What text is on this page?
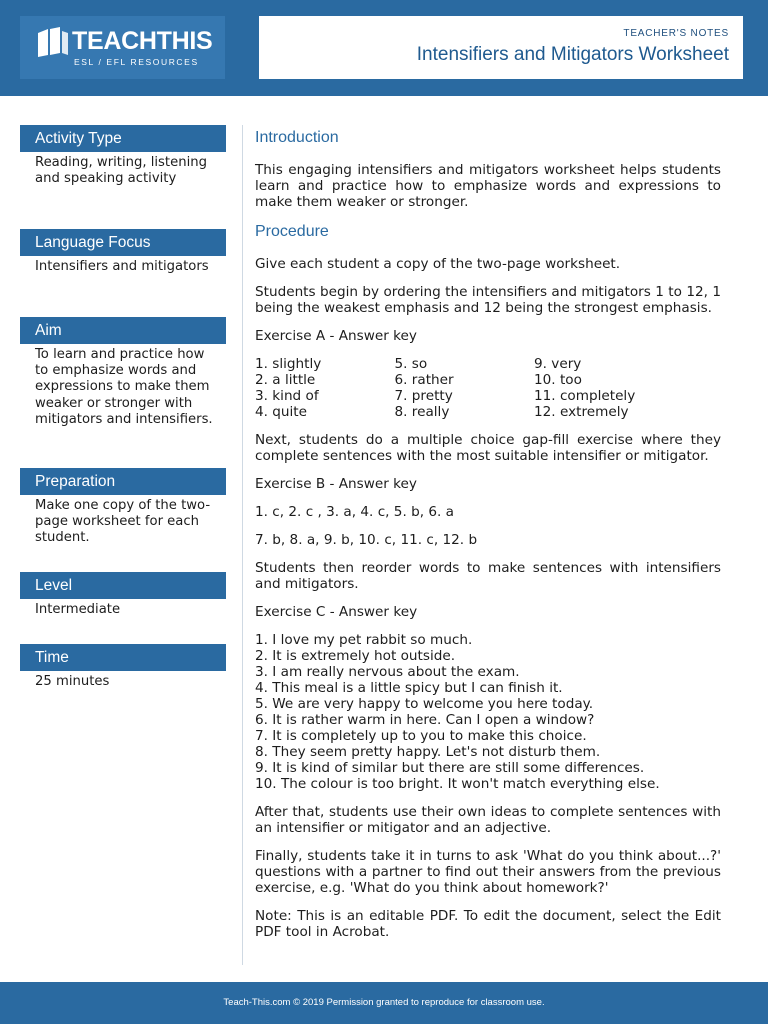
TEACHTHIS
ESL / EFL RESOURCES
TEACHER'S NOTES
Intensifiers and Mitigators Worksheet
Activity Type
Reading, writing, listening and speaking activity
Language Focus
Intensifiers and mitigators
Aim
To learn and practice how to emphasize words and expressions to make them weaker or stronger with mitigators and intensifiers.
Preparation
Make one copy of the two-page worksheet for each student.
Level
Intermediate
Time
25 minutes
Introduction

This engaging intensifiers and mitigators worksheet helps students learn and practice how to emphasize words and expressions to make them weaker or stronger.

Procedure

Give each student a copy of the two-page worksheet.

Students begin by ordering the intensifiers and mitigators 1 to 12, 1 being the weakest emphasis and 12 being the strongest emphasis.

Exercise A - Answer key

1. slightly
2. a little
3. kind of
4. quite
5. so
6. rather
7. pretty
8. really
9. very
10. too
11. completely
12. extremely

Next, students do a multiple choice gap-fill exercise where they complete sentences with the most suitable intensifier or mitigator.

Exercise B - Answer key

1. c, 2. c , 3. a, 4. c, 5. b, 6. a

7. b, 8. a, 9. b, 10. c, 11. c, 12. b

Students then reorder words to make sentences with intensifiers and mitigators.

Exercise C - Answer key

1. I love my pet rabbit so much.
2. It is extremely hot outside.
3. I am really nervous about the exam.
4. This meal is a little spicy but I can finish it.
5. We are very happy to welcome you here today.
6. It is rather warm in here. Can I open a window?
7. It is completely up to you to make this choice.
8. They seem pretty happy. Let's not disturb them.
9. It is kind of similar but there are still some differences.
10. The colour is too bright. It won't match everything else.

After that, students use their own ideas to complete sentences with an intensifier or mitigator and an adjective.

Finally, students take it in turns to ask 'What do you think about...?' questions with a partner to find out their answers from the previous exercise, e.g. 'What do you think about homework?'

Note: This is an editable PDF. To edit the document, select the Edit PDF tool in Acrobat.

Teach-This.com © 2019 Permission granted to reproduce for classroom use.
